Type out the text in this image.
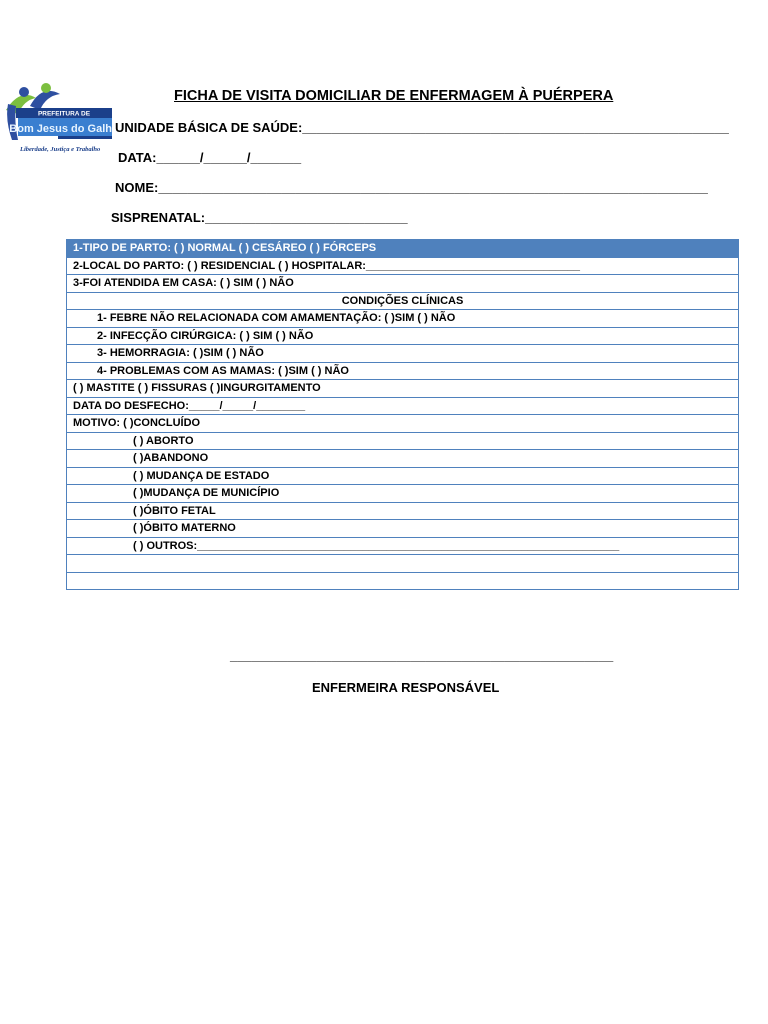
PREFEITURA DE
Bom Jesus do Galho
Liberdade, Justiça e Trabalho
FICHA DE VISITA DOMICILIAR DE ENFERMAGEM À PUÉRPERA
UNIDADE BÁSICA DE SAÚDE:___________________________________________________________
DATA:______/______/_______
NOME:____________________________________________________________________________
SISPRENATAL:____________________________
1-TIPO DE PARTO: ( ) NORMAL ( ) CESÁREO ( ) FÓRCEPS
2-LOCAL DO PARTO: ( ) RESIDENCIAL ( ) HOSPITALAR:___________________________________
3-FOI ATENDIDA EM CASA: ( ) SIM ( ) NÃO
CONDIÇÕES CLÍNICAS
1- FEBRE NÃO RELACIONADA COM AMAMENTAÇÃO: ( )SIM ( ) NÃO
2- INFECÇÃO CIRÚRGICA: ( ) SIM ( ) NÃO
3- HEMORRAGIA: ( )SIM ( ) NÃO
4- PROBLEMAS COM AS MAMAS: ( )SIM ( ) NÃO
( ) MASTITE ( ) FISSURAS ( )INGURGITAMENTO
DATA DO DESFECHO:_____/_____/________
MOTIVO: ( )CONCLUÍDO
( ) ABORTO
( )ABANDONO
( ) MUDANÇA DE ESTADO
( )MUDANÇA DE MUNICÍPIO
( )ÓBITO FETAL
( )ÓBITO MATERNO
( ) OUTROS:_____________________________________________________________________

_____________________________________________________
ENFERMEIRA RESPONSÁVEL
